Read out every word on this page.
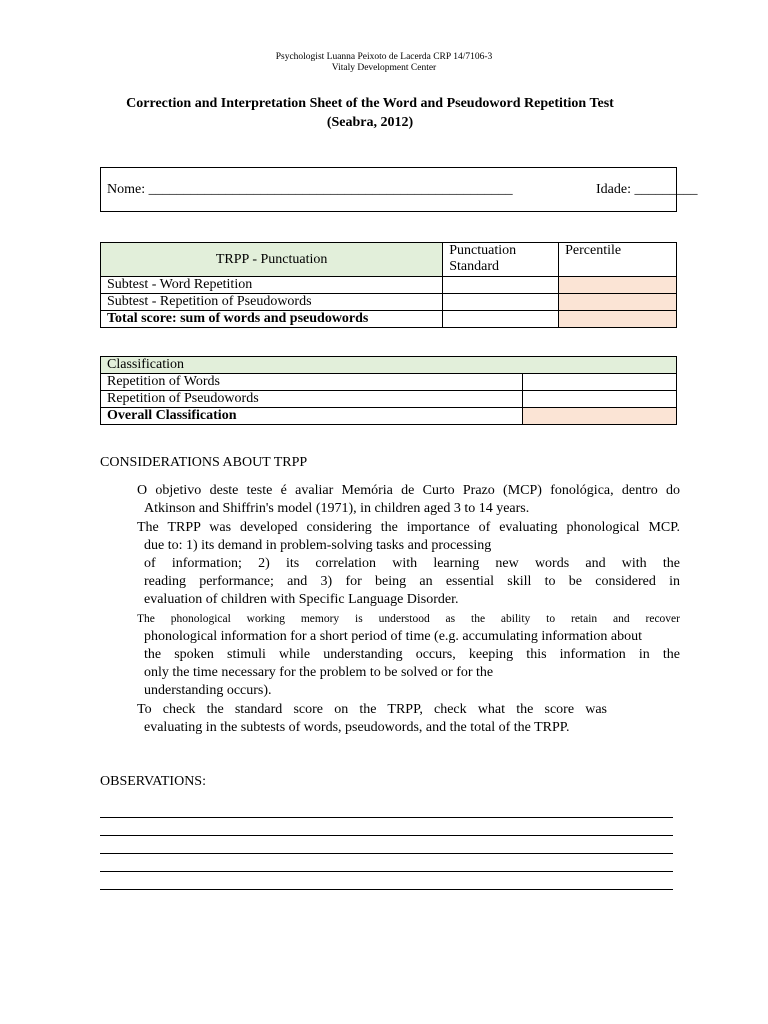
Psychologist Luanna Peixoto de Lacerda CRP 14/7106-3
Vitaly Development Center
Correction and Interpretation Sheet of the Word and Pseudoword Repetition Test
(Seabra, 2012)
Nome: ____________________________________________________	Idade: _________
TRPP - Punctuation	Punctuation Standard	Percentile
Subtest - Word Repetition		
Subtest - Repetition of Pseudowords		
Total score: sum of words and pseudowords		
Classification	
Repetition of Words	
Repetition of Pseudowords	
Overall Classification	
CONSIDERATIONS ABOUT TRPP
O objetivo deste teste é avaliar Memória de Curto Prazo (MCP) fonológica, dentro do
Atkinson and Shiffrin's model (1971), in children aged 3 to 14 years.
The TRPP was developed considering the importance of evaluating phonological MCP.
due to: 1) its demand in problem-solving tasks and processing
of information; 2) its correlation with learning new words and with the
reading performance; and 3) for being an essential skill to be considered in
evaluation of children with Specific Language Disorder.
The phonological working memory is understood as the ability to retain and recover
phonological information for a short period of time (e.g. accumulating information about
the spoken stimuli while understanding occurs, keeping this information in the
only the time necessary for the problem to be solved or for the
understanding occurs).
To check the standard score on the TRPP, check what the score was
evaluating in the subtests of words, pseudowords, and the total of the TRPP.
OBSERVATIONS:
